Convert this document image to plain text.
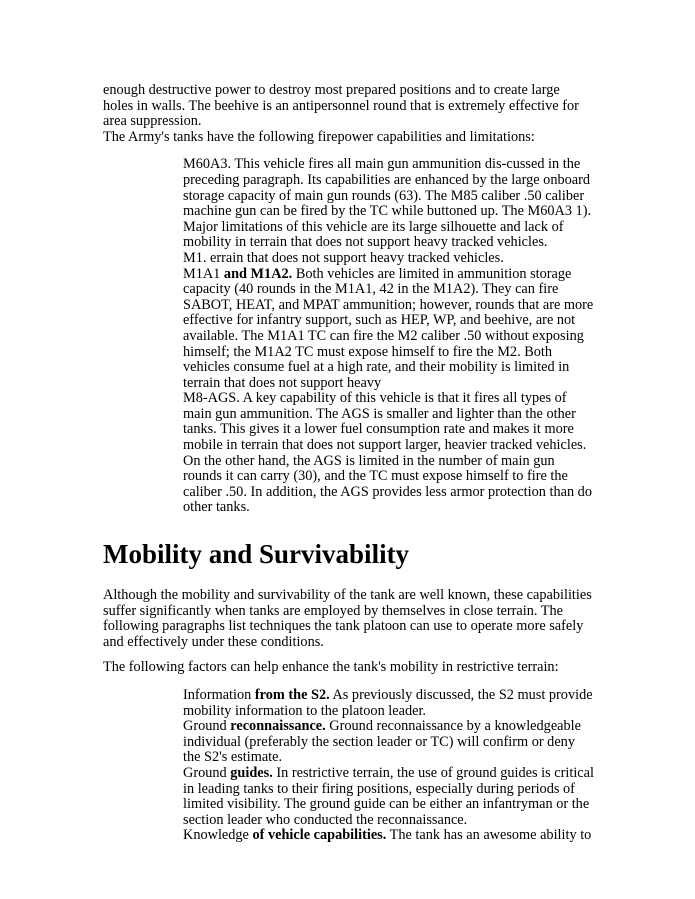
enough destructive power to destroy most prepared positions and to create large holes in walls. The beehive is an antipersonnel round that is extremely effective for area suppression.

The Army's tanks have the following firepower capabilities and limitations:

M60A3. This vehicle fires all main gun ammunition dis-cussed in the preceding paragraph. Its capabilities are enhanced by the large onboard storage capacity of main gun rounds (63). The M85 caliber .50 caliber machine gun can be fired by the TC while buttoned up. The M60A3 1). Major limitations of this vehicle are its large silhouette and lack of mobility in terrain that does not support heavy tracked vehicles.

M1. errain that does not support heavy tracked vehicles.

M1A1 and M1A2. Both vehicles are limited in ammunition storage capacity (40 rounds in the M1A1, 42 in the M1A2). They can fire SABOT, HEAT, and MPAT ammunition; however, rounds that are more effective for infantry support, such as HEP, WP, and beehive, are not available. The M1A1 TC can fire the M2 caliber .50 without exposing himself; the M1A2 TC must expose himself to fire the M2. Both vehicles consume fuel at a high rate, and their mobility is limited in terrain that does not support heavy

M8-AGS. A key capability of this vehicle is that it fires all types of main gun ammunition. The AGS is smaller and lighter than the other tanks. This gives it a lower fuel consumption rate and makes it more mobile in terrain that does not support larger, heavier tracked vehicles. On the other hand, the AGS is limited in the number of main gun rounds it can carry (30), and the TC must expose himself to fire the caliber .50. In addition, the AGS provides less armor protection than do other tanks.

Mobility and Survivability

Although the mobility and survivability of the tank are well known, these capabilities suffer significantly when tanks are employed by themselves in close terrain. The following paragraphs list techniques the tank platoon can use to operate more safely and effectively under these conditions.

The following factors can help enhance the tank's mobility in restrictive terrain:

Information from the S2. As previously discussed, the S2 must provide mobility information to the platoon leader.

Ground reconnaissance. Ground reconnaissance by a knowledgeable individual (preferably the section leader or TC) will confirm or deny the S2's estimate.

Ground guides. In restrictive terrain, the use of ground guides is critical in leading tanks to their firing positions, especially during periods of limited visibility. The ground guide can be either an infantryman or the section leader who conducted the reconnaissance.

Knowledge of vehicle capabilities. The tank has an awesome ability to
